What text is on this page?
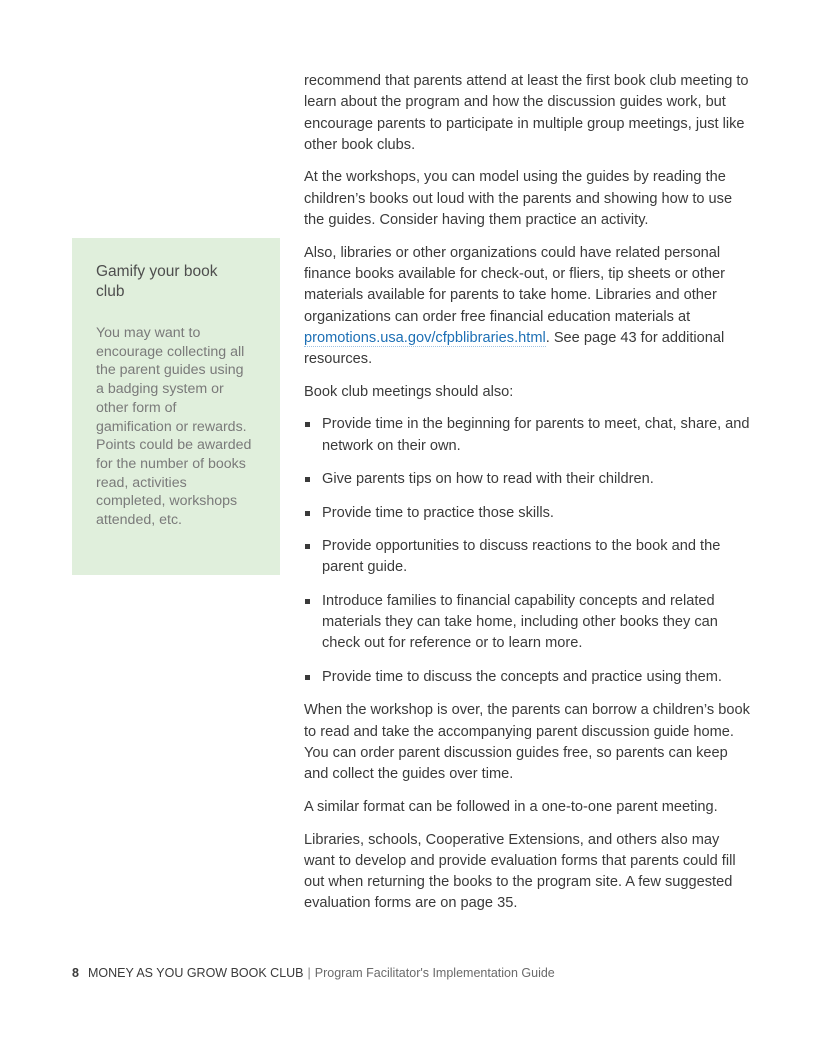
Gamify your book club

You may want to encourage collecting all the parent guides using a badging system or other form of gamification or rewards. Points could be awarded for the number of books read, activities completed, workshops attended, etc.

recommend that parents attend at least the first book club meeting to learn about the program and how the discussion guides work, but encourage parents to participate in multiple group meetings, just like other book clubs.

At the workshops, you can model using the guides by reading the children’s books out loud with the parents and showing how to use the guides. Consider having them practice an activity.

Also, libraries or other organizations could have related personal finance books available for check-out, or fliers, tip sheets or other materials available for parents to take home. Libraries and other organizations can order free financial education materials at promotions.usa.gov/cfpblibraries.html. See page 43 for additional resources.

Book club meetings should also:

Provide time in the beginning for parents to meet, chat, share, and network on their own.
Give parents tips on how to read with their children.
Provide time to practice those skills.
Provide opportunities to discuss reactions to the book and the parent guide.
Introduce families to financial capability concepts and related materials they can take home, including other books they can check out for reference or to learn more.
Provide time to discuss the concepts and practice using them.

When the workshop is over, the parents can borrow a children’s book to read and take the accompanying parent discussion guide home. You can order parent discussion guides free, so parents can keep and collect the guides over time.

A similar format can be followed in a one-to-one parent meeting.

Libraries, schools, Cooperative Extensions, and others also may want to develop and provide evaluation forms that parents could fill out when returning the books to the program site. A few suggested evaluation forms are on page 35.

8 MONEY AS YOU GROW BOOK CLUB | Program Facilitator's Implementation Guide
